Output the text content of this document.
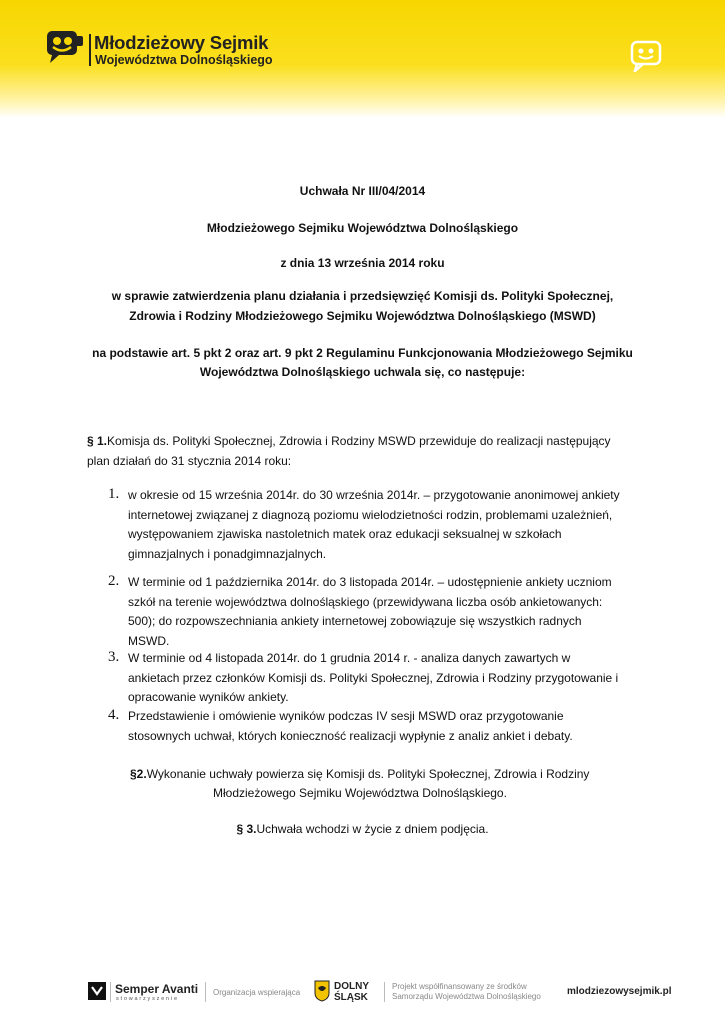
Młodzieżowy Sejmik
Województwa Dolnośląskiego
Uchwała Nr III/04/2014
Młodzieżowego Sejmiku Województwa Dolnośląskiego
z dnia 13 września 2014 roku
w sprawie zatwierdzenia planu działania i przedsięwzięć Komisji ds. Polityki Społecznej,
Zdrowia i Rodziny Młodzieżowego Sejmiku Województwa Dolnośląskiego (MSWD)
na podstawie art. 5 pkt 2 oraz art. 9 pkt 2 Regulaminu Funkcjonowania Młodzieżowego Sejmiku
Województwa Dolnośląskiego uchwala się, co następuje:
§ 1.Komisja ds. Polityki Społecznej, Zdrowia i Rodziny MSWD przewiduje do realizacji następujący
plan działań do 31 stycznia 2014 roku:
1. w okresie od 15 września 2014r. do 30 września 2014r. – przygotowanie anonimowej ankiety
internetowej związanej z diagnozą poziomu wielodzietności rodzin, problemami uzależnień,
występowaniem zjawiska nastoletnich matek oraz edukacji seksualnej w szkołach
gimnazjalnych i ponadgimnazjalnych.
2. W terminie od 1 października 2014r. do 3 listopada 2014r. – udostępnienie ankiety uczniom
szkół na terenie województwa dolnośląskiego (przewidywana liczba osób ankietowanych:
500); do rozpowszechniania ankiety internetowej zobowiązuje się wszystkich radnych
MSWD.
3. W terminie od 4 listopada 2014r. do 1 grudnia 2014 r. - analiza danych zawartych w
ankietach przez członków Komisji ds. Polityki Społecznej, Zdrowia i Rodziny przygotowanie i
opracowanie wyników ankiety.
4. Przedstawienie i omówienie wyników podczas IV sesji MSWD oraz przygotowanie
stosownych uchwał, których konieczność realizacji wypłynie z analiz ankiet i debaty.
§2.Wykonanie uchwały powierza się Komisji ds. Polityki Społecznej, Zdrowia i Rodziny
Młodzieżowego Sejmiku Województwa Dolnośląskiego.
§ 3.Uchwała wchodzi w życie z dniem podjęcia.
Semper Avanti
stowarzyszenie
Organizacja wspierająca
DOLNY
ŚLĄSK
Projekt współfinansowany ze środków
Samorządu Województwa Dolnośląskiego	mlodziezowysejmik.pl
